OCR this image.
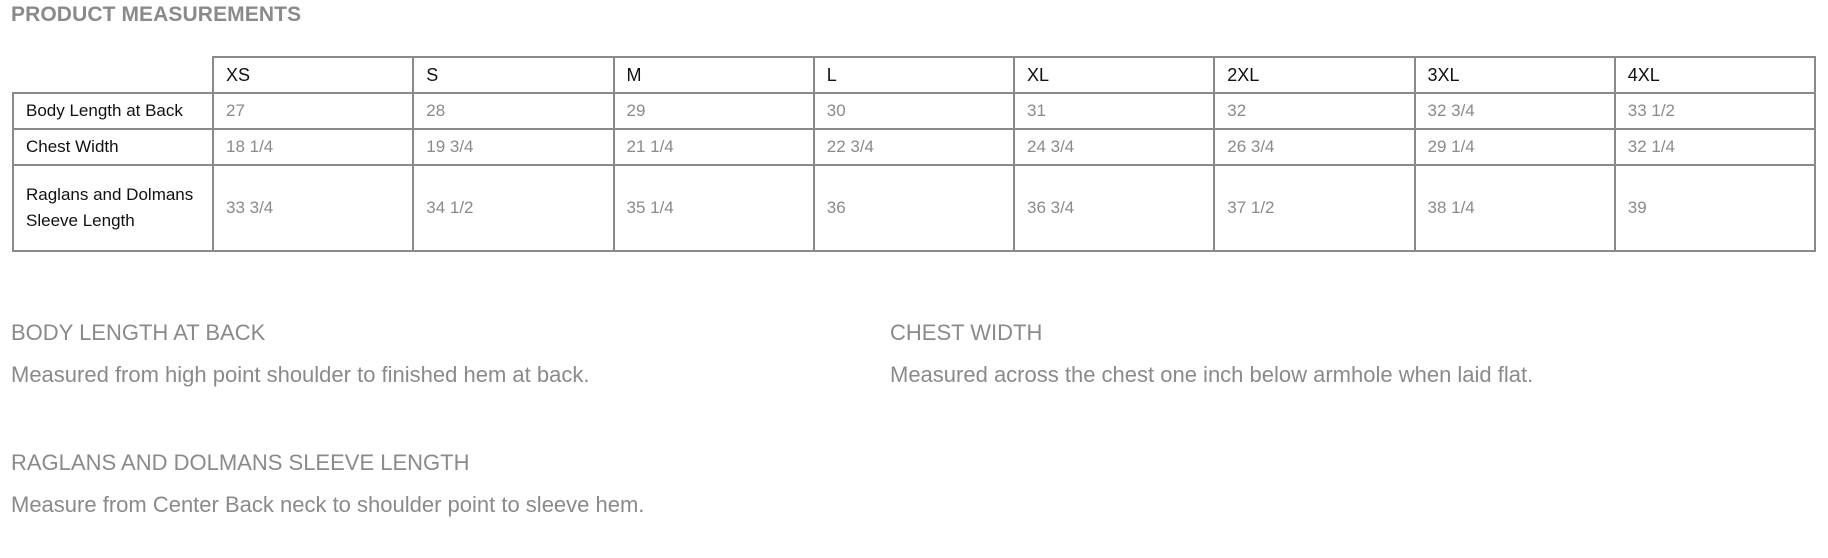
PRODUCT MEASUREMENTS
	XS	S	M	L	XL	2XL	3XL	4XL
Body Length at Back	27	28	29	30	31	32	32 3/4	33 1/2
Chest Width	18 1/4	19 3/4	21 1/4	22 3/4	24 3/4	26 3/4	29 1/4	32 1/4
Raglans and Dolmans Sleeve Length	33 3/4	34 1/2	35 1/4	36	36 3/4	37 1/2	38 1/4	39
BODY LENGTH AT BACK
Measured from high point shoulder to finished hem at back.
CHEST WIDTH
Measured across the chest one inch below armhole when laid flat.
RAGLANS AND DOLMANS SLEEVE LENGTH
Measure from Center Back neck to shoulder point to sleeve hem.
